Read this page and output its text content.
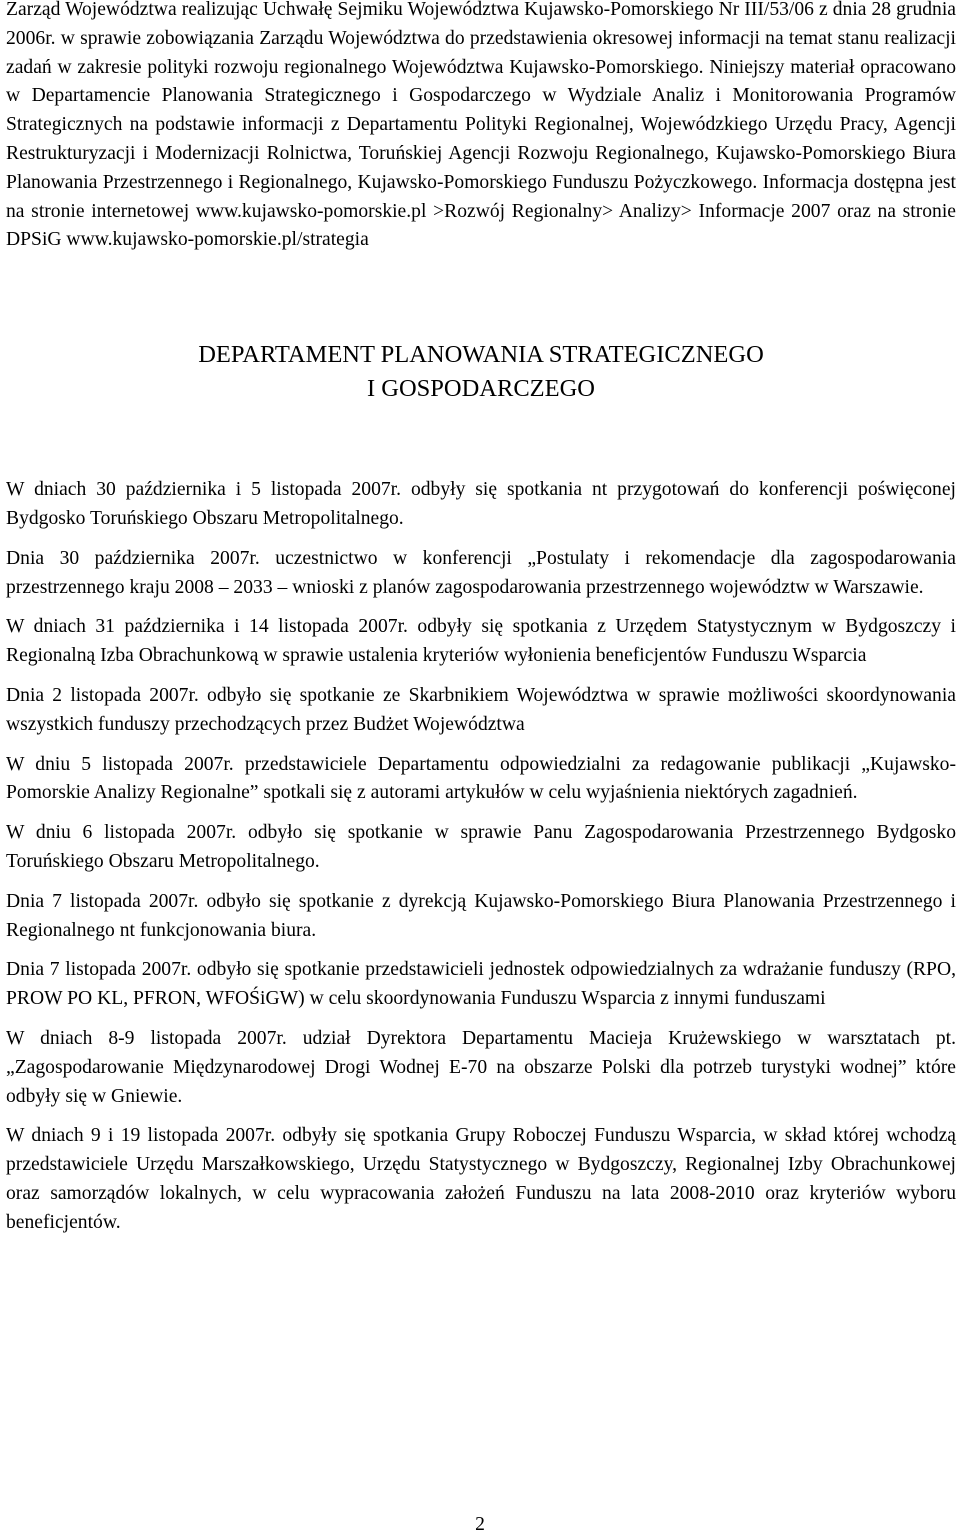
Zarząd Województwa realizując Uchwałę Sejmiku Województwa Kujawsko-Pomorskiego Nr III/53/06 z dnia 28 grudnia 2006r. w sprawie zobowiązania Zarządu Województwa do przedstawienia okresowej informacji na temat stanu realizacji zadań w zakresie polityki rozwoju regionalnego Województwa Kujawsko-Pomorskiego. Niniejszy materiał opracowano w Departamencie Planowania Strategicznego i Gospodarczego w Wydziale Analiz i Monitorowania Programów Strategicznych na podstawie informacji z Departamentu Polityki Regionalnej, Wojewódzkiego Urzędu Pracy, Agencji Restrukturyzacji i Modernizacji Rolnictwa, Toruńskiej Agencji Rozwoju Regionalnego, Kujawsko-Pomorskiego Biura Planowania Przestrzennego i Regionalnego, Kujawsko-Pomorskiego Funduszu Pożyczkowego. Informacja dostępna jest na stronie internetowej www.kujawsko-pomorskie.pl >Rozwój Regionalny> Analizy> Informacje 2007 oraz na stronie DPSiG www.kujawsko-pomorskie.pl/strategia

DEPARTAMENT PLANOWANIA STRATEGICZNEGO
I GOSPODARCZEGO

W dniach 30 października i 5 listopada 2007r. odbyły się spotkania nt przygotowań do konferencji poświęconej Bydgosko Toruńskiego Obszaru Metropolitalnego.

Dnia 30 października 2007r. uczestnictwo w konferencji „Postulaty i rekomendacje dla zagospodarowania przestrzennego kraju 2008 – 2033 – wnioski z planów zagospodarowania przestrzennego województw w Warszawie.

W dniach 31 października i 14 listopada 2007r. odbyły się spotkania z Urzędem Statystycznym w Bydgoszczy i Regionalną Izba Obrachunkową w sprawie ustalenia kryteriów wyłonienia beneficjentów Funduszu Wsparcia

Dnia 2 listopada 2007r. odbyło się spotkanie ze Skarbnikiem Województwa w sprawie możliwości skoordynowania wszystkich funduszy przechodzących przez Budżet Województwa

W dniu 5 listopada 2007r. przedstawiciele Departamentu odpowiedzialni za redagowanie publikacji „Kujawsko-Pomorskie Analizy Regionalne” spotkali się z autorami artykułów w celu wyjaśnienia niektórych zagadnień.

W dniu 6 listopada 2007r. odbyło się spotkanie w sprawie Panu Zagospodarowania Przestrzennego Bydgosko Toruńskiego Obszaru Metropolitalnego.

Dnia 7 listopada 2007r. odbyło się spotkanie z dyrekcją Kujawsko-Pomorskiego Biura Planowania Przestrzennego i Regionalnego nt funkcjonowania biura.

Dnia 7 listopada 2007r. odbyło się spotkanie przedstawicieli jednostek odpowiedzialnych za wdrażanie funduszy (RPO, PROW PO KL, PFRON, WFOŚiGW) w celu skoordynowania Funduszu Wsparcia z innymi funduszami

W dniach 8-9 listopada 2007r. udział Dyrektora Departamentu Macieja Krużewskiego w warsztatach pt. „Zagospodarowanie Międzynarodowej Drogi Wodnej E-70 na obszarze Polski dla potrzeb turystyki wodnej” które odbyły się w Gniewie.

W dniach 9 i 19 listopada 2007r. odbyły się spotkania Grupy Roboczej Funduszu Wsparcia, w skład której wchodzą przedstawiciele Urzędu Marszałkowskiego, Urzędu Statystycznego w Bydgoszczy, Regionalnej Izby Obrachunkowej oraz samorządów lokalnych, w celu wypracowania założeń Funduszu na lata 2008-2010 oraz kryteriów wyboru beneficjentów.

2
